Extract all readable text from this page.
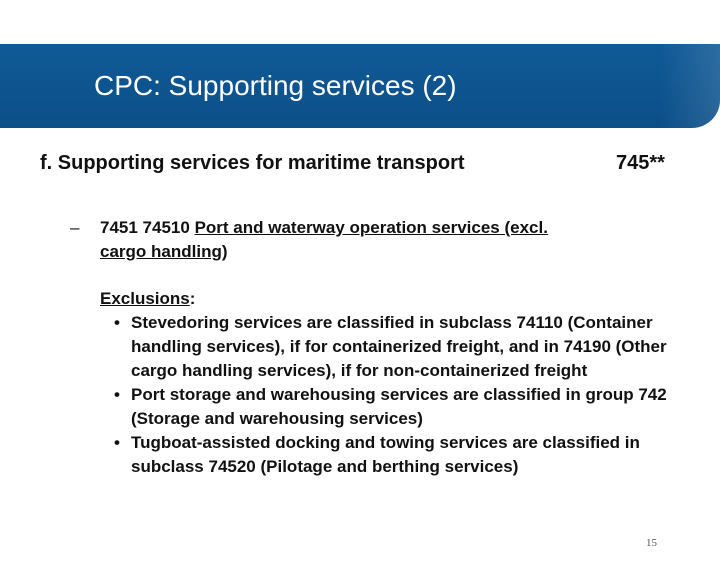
CPC: Supporting services (2)
f. Supporting services for maritime transport	745**
– 7451 74510 Port and waterway operation services (excl.
cargo handling)
Exclusions:
• Stevedoring services are classified in subclass 74110 (Container handling services), if for containerized freight, and in 74190 (Other cargo handling services), if for non‑containerized freight
• Port storage and warehousing services are classified in group 742 (Storage and warehousing services)
• Tugboat‑assisted docking and towing services are classified in subclass 74520 (Pilotage and berthing services)
15
